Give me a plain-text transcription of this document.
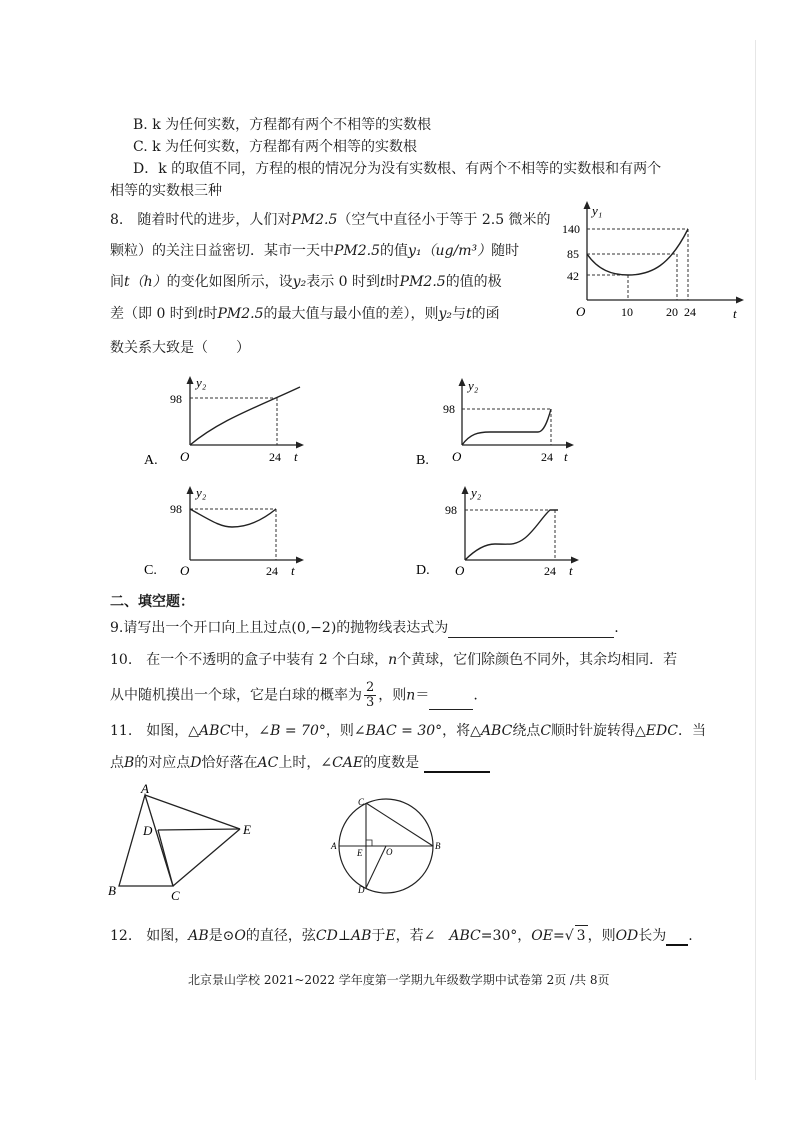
B. k 为任何实数，方程都有两个不相等的实数根
C. k 为任何实数，方程都有两个相等的实数根
D．k 的取值不同，方程的根的情况分为没有实数根、有两个不相等的实数根和有两个
相等的实数根三种
8.　随着时代的进步，人们对PM2.5（空气中直径小于等于 2.5 微米的
颗粒）的关注日益密切．某市一天中PM2.5的值y₁（ug/m³）随时
间t（h）的变化如图所示，设y₂表示 0 时到t时PM2.5的值的极
差（即 0 时到t时PM2.5的最大值与最小值的差），则y₂与t的函
数关系大致是（　　）
y₁
t
O
140
85
42
10	20 24
A.
y₂
t
O
98
24	B.
y₂
t
O
98
24
C.
y₂
t
O
98
24	D.
y₂
t
O
98
24
二、填空题：
9.请写出一个开口向上且过点(0,−2)的抛物线表达式为	.
10.　在一个不透明的盒子中装有 2 个白球，n个黄球，它们除颜色不同外，其余均相同．若
从中随机摸出一个球，它是白球的概率为 $\frac{2}{3}$ ，则n＝	.
11.　如图，△ABC中，∠B = 70°，则∠BAC = 30°，将△ABC绕点C顺时针旋转得△EDC．当
点B的对应点D恰好落在AC上时，∠CAE的度数是
A
B	C
D	E
A	B
C
D
E	O
12.　如图，AB是⊙O的直径，弦CD⊥AB于E，若∠　ABC=30°，OE=√ 3 ，则OD长为 .
北京景山学校 2021~2022 学年度第一学期九年级数学期中试卷第 2页 /共 8页
